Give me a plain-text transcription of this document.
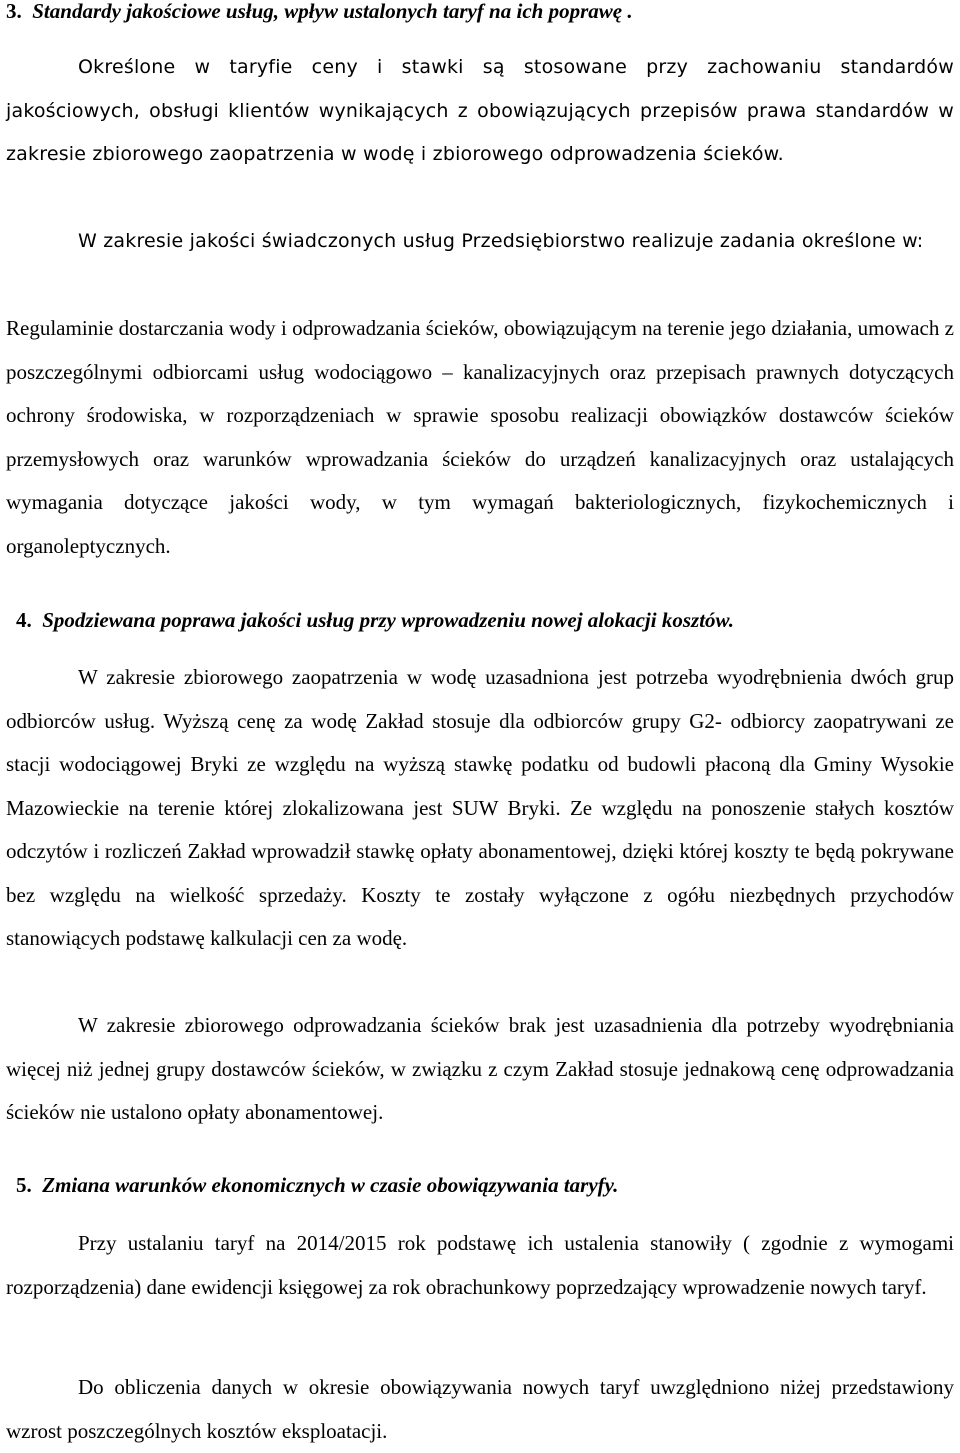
3. Standardy jakościowe usług, wpływ ustalonych taryf na ich poprawę .
Określone w taryfie ceny i stawki są stosowane przy zachowaniu standardów jakościowych, obsługi klientów wynikających z obowiązujących przepisów prawa standardów w zakresie zbiorowego zaopatrzenia w wodę i zbiorowego odprowadzenia ścieków.
W zakresie jakości świadczonych usług Przedsiębiorstwo realizuje zadania określone w:
Regulaminie dostarczania wody i odprowadzania ścieków, obowiązującym na terenie jego działania, umowach z poszczególnymi odbiorcami usług wodociągowo – kanalizacyjnych oraz przepisach prawnych dotyczących ochrony środowiska, w rozporządzeniach w sprawie sposobu realizacji obowiązków dostawców ścieków przemysłowych oraz warunków wprowadzania ścieków do urządzeń kanalizacyjnych oraz ustalających wymagania dotyczące jakości wody, w tym wymagań bakteriologicznych, fizykochemicznych i organoleptycznych.
4. Spodziewana poprawa jakości usług przy wprowadzeniu nowej alokacji kosztów.
W zakresie zbiorowego zaopatrzenia w wodę uzasadniona jest potrzeba wyodrębnienia dwóch grup odbiorców usług. Wyższą cenę za wodę Zakład stosuje dla odbiorców grupy G2- odbiorcy zaopatrywani ze stacji wodociągowej Bryki ze względu na wyższą stawkę podatku od budowli płaconą dla Gminy Wysokie Mazowieckie na terenie której zlokalizowana jest SUW Bryki. Ze względu na ponoszenie stałych kosztów odczytów i rozliczeń Zakład wprowadził stawkę opłaty abonamentowej, dzięki której koszty te będą pokrywane bez względu na wielkość sprzedaży. Koszty te zostały wyłączone z ogółu niezbędnych przychodów stanowiących podstawę kalkulacji cen za wodę.
W zakresie zbiorowego odprowadzania ścieków brak jest uzasadnienia dla potrzeby wyodrębniania więcej niż jednej grupy dostawców ścieków, w związku z czym Zakład stosuje jednakową cenę odprowadzania ścieków nie ustalono opłaty abonamentowej.
5. Zmiana warunków ekonomicznych w czasie obowiązywania taryfy.
Przy ustalaniu taryf na 2014/2015 rok podstawę ich ustalenia stanowiły ( zgodnie z wymogami rozporządzenia) dane ewidencji księgowej za rok obrachunkowy poprzedzający wprowadzenie nowych taryf.
Do obliczenia danych w okresie obowiązywania nowych taryf uwzględniono niżej przedstawiony wzrost poszczególnych kosztów eksploatacji.
